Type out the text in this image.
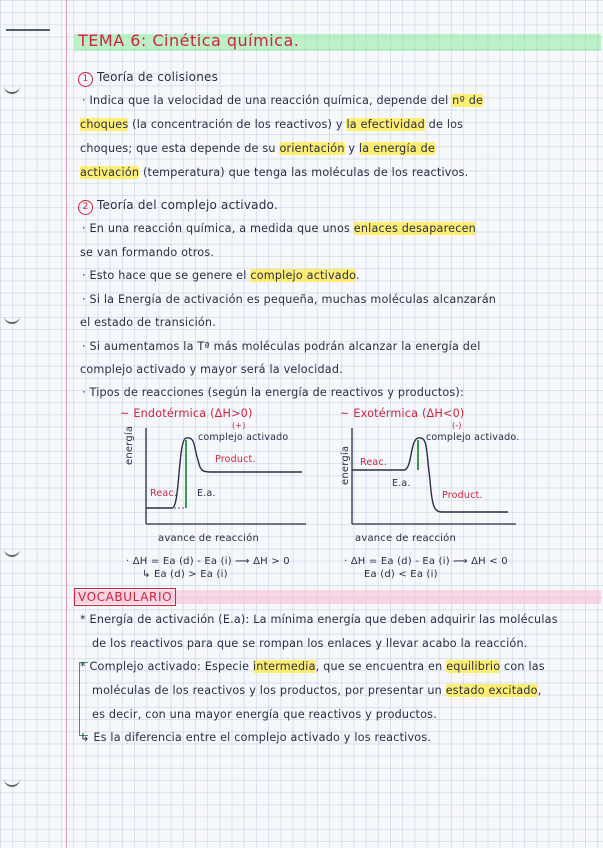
TEMA 6: Cinética química.
1 Teoría de colisiones
· Indica que la velocidad de una reacción química, depende del nº de
choques (la concentración de los reactivos) y la efectividad de los
choques; que esta depende de su orientación y la energía de
activación (temperatura) que tenga las moléculas de los reactivos.
2 Teoría del complejo activado.
· En una reacción química, a medida que unos enlaces desaparecen
se van formando otros.
· Esto hace que se genere el complejo activado.
· Si la Energía de activación es pequeña, muchas moléculas alcanzarán
el estado de transición.
· Si aumentamos la Tª más moléculas podrán alcanzar la energía del
complejo activado y mayor será la velocidad.
· Tipos de reacciones (según la energía de reactivos y productos):
~ Endotérmica (ΔH>0)
(+)
energía	complejo activado
Product.
Reac. E.a.
avance de reacción
· ΔH = Ea (d) - Ea (i) ⟿ ΔH > 0
↳ Ea (d) > Ea (i)
~ Exotérmica (ΔH<0)
(-)
energía
complejo activado.
Reac.
E.a.
Product.
avance de reacción
· ΔH = Ea (d) - Ea (i) ⟿ ΔH < 0
Ea (d) < Ea (i)
VOCABULARIO
* Energía de activación (E.a): La mínima energía que deben adquirir las moléculas
de los reactivos para que se rompan los enlaces y llevar acabo la reacción.
* Complejo activado: Especie intermedia, que se encuentra en equilibrio con las
moléculas de los reactivos y los productos, por presentar un estado excitado,
es decir, con una mayor energía que reactivos y productos.
↳ Es la diferencia entre el complejo activado y los reactivos.
